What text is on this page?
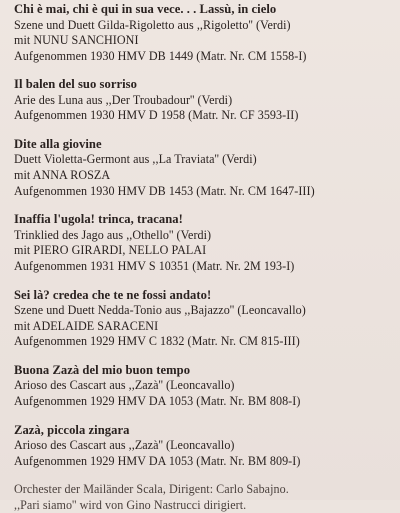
Chi è mai, chi è qui in sua vece. . . Lassù, in cielo
Szene und Duett Gilda-Rigoletto aus ,,Rigoletto'' (Verdi)
mit NUNU SANCHIONI
Aufgenommen 1930 HMV DB 1449 (Matr. Nr. CM 1558-I)
Il balen del suo sorriso
Arie des Luna aus ,,Der Troubadour'' (Verdi)
Aufgenommen 1930 HMV D 1958 (Matr. Nr. CF 3593-II)
Dite alla giovine
Duett Violetta-Germont aus ,,La Traviata'' (Verdi)
mit ANNA ROSZA
Aufgenommen 1930 HMV DB 1453 (Matr. Nr. CM 1647-III)
Inaffia l'ugola! trinca, tracana!
Trinklied des Jago aus ,,Othello'' (Verdi)
mit PIERO GIRARDI, NELLO PALAI
Aufgenommen 1931 HMV S 10351 (Matr. Nr. 2M 193-I)
Sei là? credea che te ne fossi andato!
Szene und Duett Nedda-Tonio aus ,,Bajazzo'' (Leoncavallo)
mit ADELAIDE SARACENI
Aufgenommen 1929 HMV C 1832 (Matr. Nr. CM 815-III)
Buona Zazà del mio buon tempo
Arioso des Cascart aus ,,Zazà'' (Leoncavallo)
Aufgenommen 1929 HMV DA 1053 (Matr. Nr. BM 808-I)
Zazà, piccola zingara
Arioso des Cascart aus ,,Zazà'' (Leoncavallo)
Aufgenommen 1929 HMV DA 1053 (Matr. Nr. BM 809-I)
Orchester der Mailänder Scala, Dirigent: Carlo Sabajno.
,,Pari siamo'' wird von Gino Nastrucci dirigiert.
